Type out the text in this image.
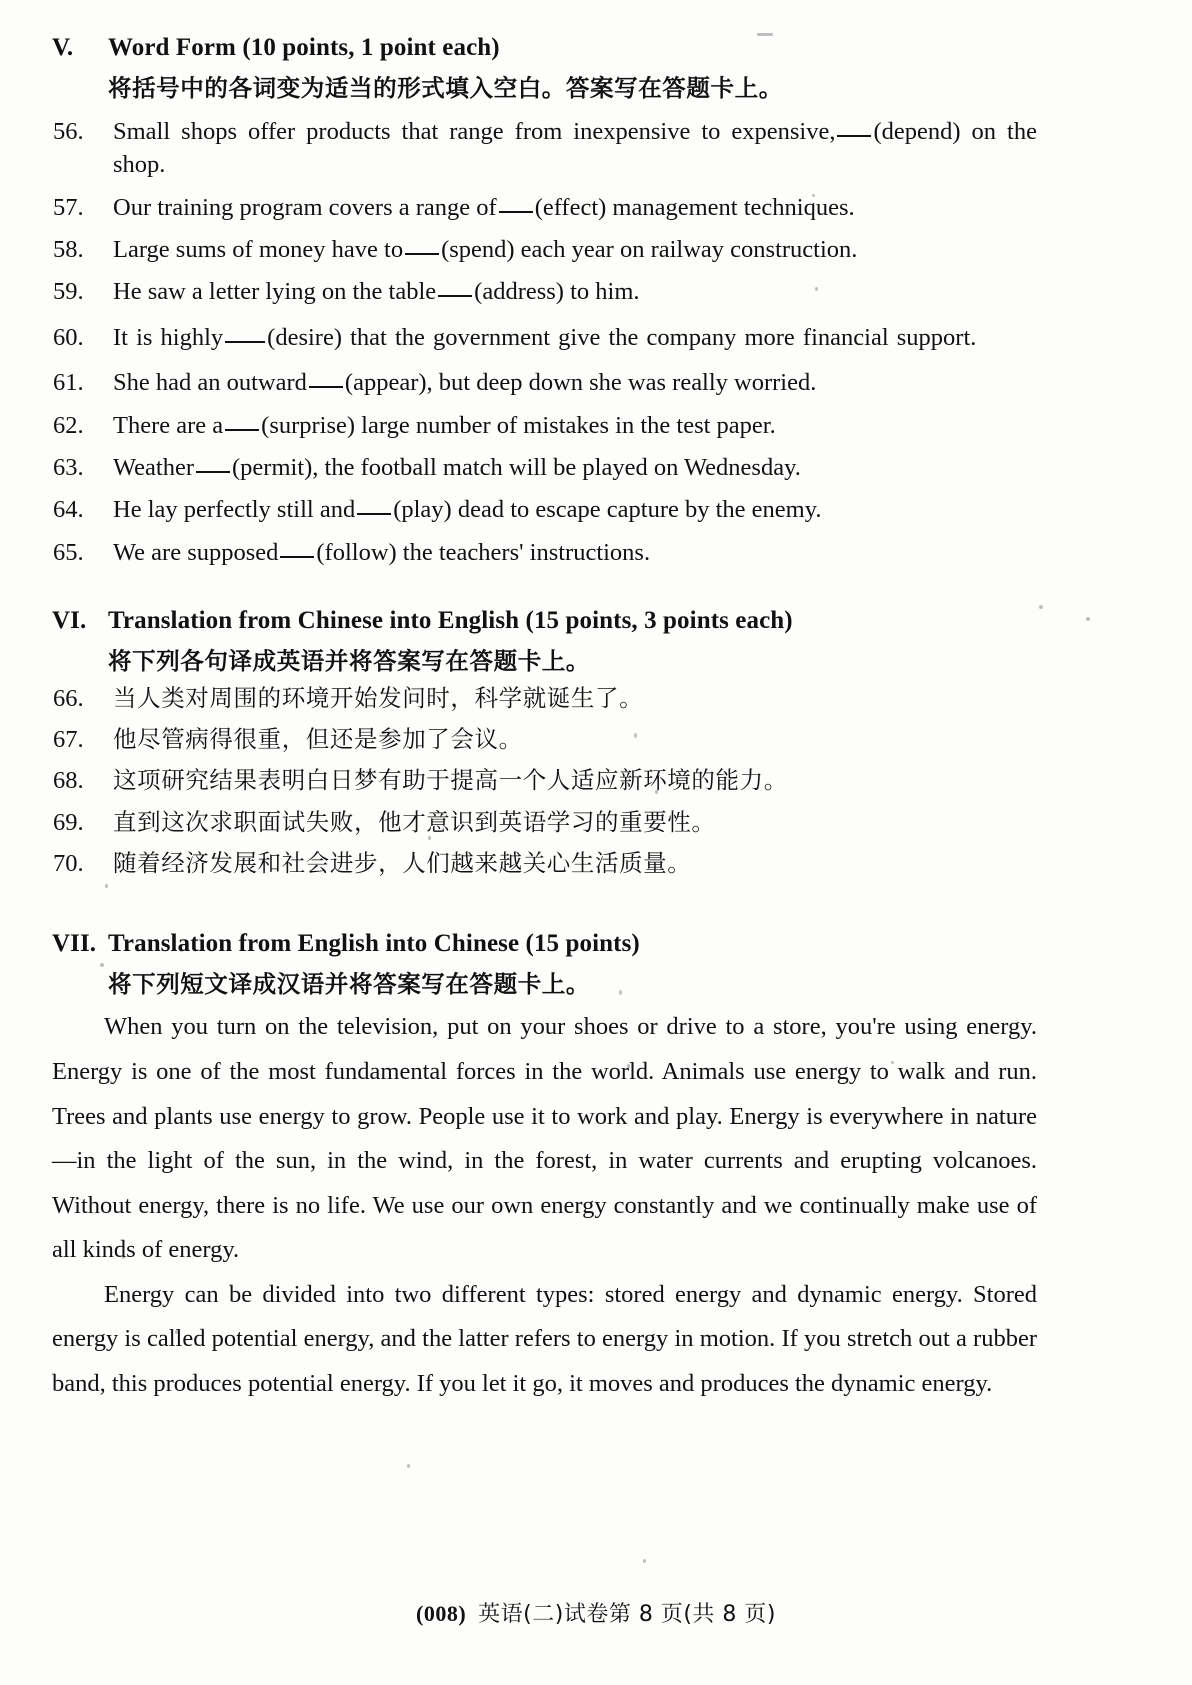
V.	Word Form (10 points, 1 point each)
将括号中的各词变为适当的形式填入空白。答案写在答题卡上。
56.	Small shops offer products that range from inexpensive to expensive, (depend) on the shop.
57.	Our training program covers a range of (effect) management techniques.
58.	Large sums of money have to (spend) each year on railway construction.
59.	He saw a letter lying on the table (address) to him.
60.	It is highly (desire) that the government give the company more financial support.
61.	She had an outward (appear), but deep down she was really worried.
62.	There are a (surprise) large number of mistakes in the test paper.
63.	Weather (permit), the football match will be played on Wednesday.
64.	He lay perfectly still and (play) dead to escape capture by the enemy.
65.	We are supposed (follow) the teachers' instructions.
VI. Translation from Chinese into English (15 points, 3 points each)
将下列各句译成英语并将答案写在答题卡上。
66.	当人类对周围的环境开始发问时，科学就诞生了。
67.	他尽管病得很重，但还是参加了会议。
68.	这项研究结果表明白日梦有助于提高一个人适应新环境的能力。
69.	直到这次求职面试失败，他才意识到英语学习的重要性。
70.	随着经济发展和社会进步，人们越来越关心生活质量。
VII. Translation from English into Chinese (15 points)
将下列短文译成汉语并将答案写在答题卡上。

When you turn on the television, put on your shoes or drive to a store, you're using energy. Energy is one of the most fundamental forces in the world. Animals use energy to walk and run. Trees and plants use energy to grow. People use it to work and play. Energy is everywhere in nature—in the light of the sun, in the wind, in the forest, in water currents and erupting volcanoes. Without energy, there is no life. We use our own energy constantly and we continually make use of all kinds of energy.

Energy can be divided into two different types: stored energy and dynamic energy. Stored energy is called potential energy, and the latter refers to energy in motion. If you stretch out a rubber band, this produces potential energy. If you let it go, it moves and produces the dynamic energy.

(008) 英语(二)试卷第 8 页(共 8 页)
